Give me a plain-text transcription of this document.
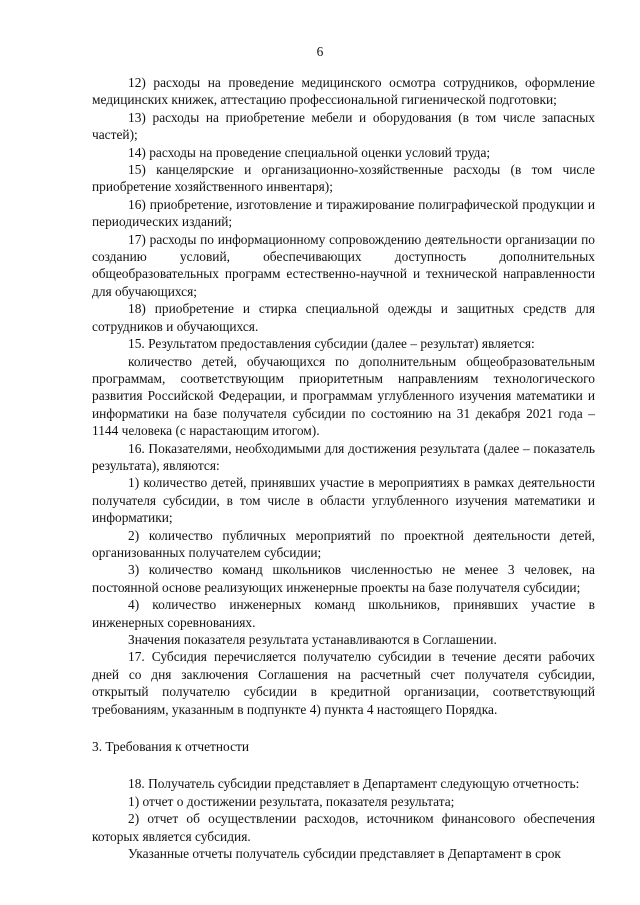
6

12) расходы на проведение медицинского осмотра сотрудников, оформление медицинских книжек, аттестацию профессиональной гигиенической подготовки;

13) расходы на приобретение мебели и оборудования (в том числе запасных частей);

14) расходы на проведение специальной оценки условий труда;

15) канцелярские и организационно-хозяйственные расходы (в том числе приобретение хозяйственного инвентаря);

16) приобретение, изготовление и тиражирование полиграфической продукции и периодических изданий;

17) расходы по информационному сопровождению деятельности организации по созданию условий, обеспечивающих доступность дополнительных общеобразовательных программ естественно-научной и технической направленности для обучающихся;

18) приобретение и стирка специальной одежды и защитных средств для сотрудников и обучающихся.

15. Результатом предоставления субсидии (далее – результат) является:

количество детей, обучающихся по дополнительным общеобразовательным программам, соответствующим приоритетным направлениям технологического развития Российской Федерации, и программам углубленного изучения математики и информатики на базе получателя субсидии по состоянию на 31 декабря 2021 года – 1144 человека (с нарастающим итогом).

16. Показателями, необходимыми для достижения результата (далее – показатель результата), являются:

1) количество детей, принявших участие в мероприятиях в рамках деятельности получателя субсидии, в том числе в области углубленного изучения математики и информатики;

2) количество публичных мероприятий по проектной деятельности детей, организованных получателем субсидии;

3) количество команд школьников численностью не менее 3 человек, на постоянной основе реализующих инженерные проекты на базе получателя субсидии;

4) количество инженерных команд школьников, принявших участие в инженерных соревнованиях.

Значения показателя результата устанавливаются в Соглашении.

17. Субсидия перечисляется получателю субсидии в течение десяти рабочих дней со дня заключения Соглашения на расчетный счет получателя субсидии, открытый получателю субсидии в кредитной организации, соответствующий требованиям, указанным в подпункте 4) пункта 4 настоящего Порядка.

3. Требования к отчетности

18. Получатель субсидии представляет в Департамент следующую отчетность:

1) отчет о достижении результата, показателя результата;

2) отчет об осуществлении расходов, источником финансового обеспечения которых является субсидия.

Указанные отчеты получатель субсидии представляет в Департамент в срок
